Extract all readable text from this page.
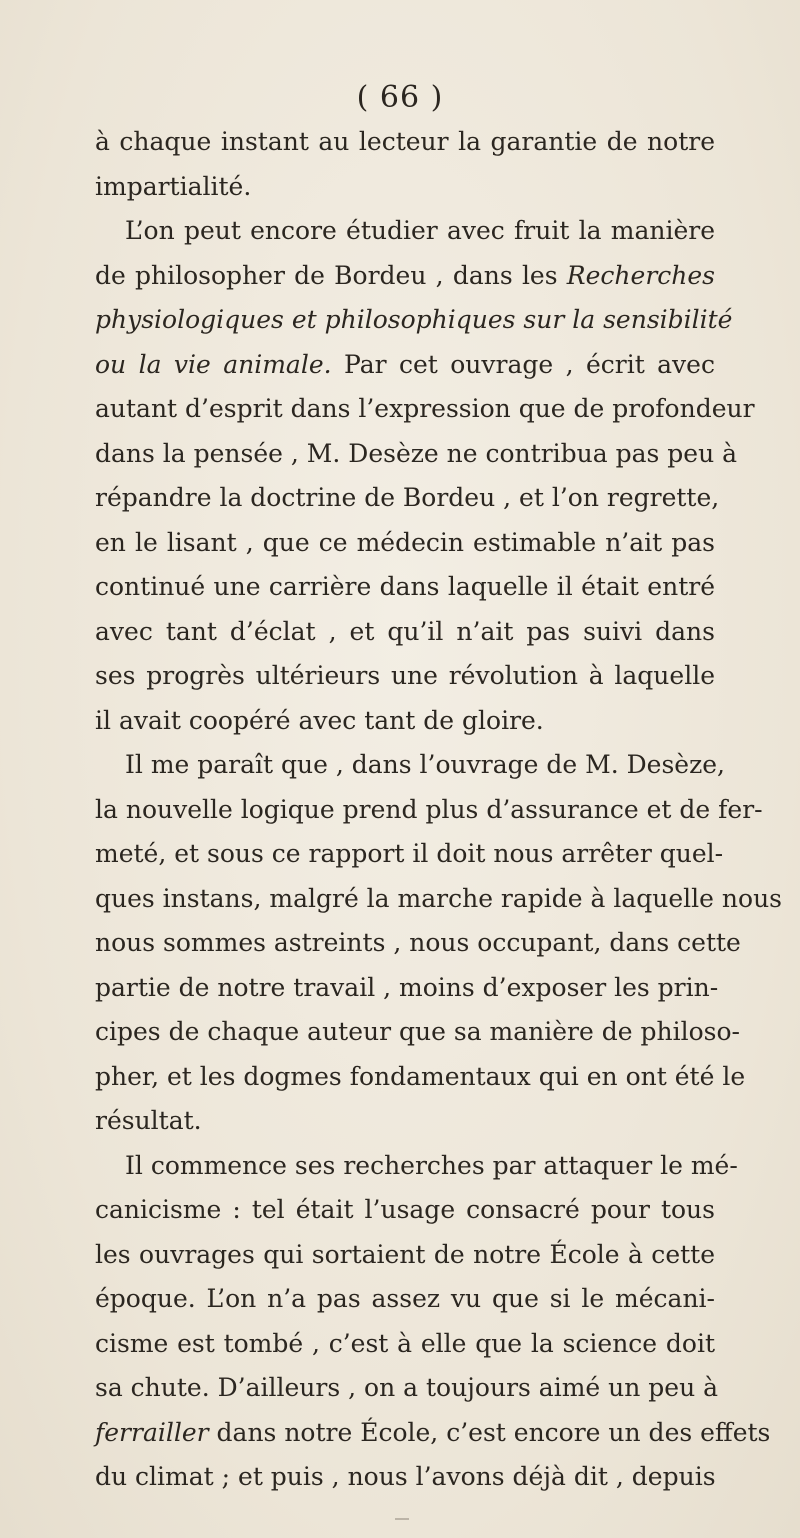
( 66 )
à chaque instant au lecteur la garantie de notre
impartialité.
L’on peut encore étudier avec fruit la manière
de philosopher de Bordeu , dans les Recherches
physiologiques et philosophiques sur la sensibilité
ou la vie animale. Par cet ouvrage , écrit avec
autant d’esprit dans l’expression que de profondeur
dans la pensée , M. Desèze ne contribua pas peu à
répandre la doctrine de Bordeu , et l’on regrette,
en le lisant , que ce médecin estimable n’ait pas
continué une carrière dans laquelle il était entré
avec tant d’éclat , et qu’il n’ait pas suivi dans
ses progrès ultérieurs une révolution à laquelle
il avait coopéré avec tant de gloire.
Il me paraît que , dans l’ouvrage de M. Desèze,
la nouvelle logique prend plus d’assurance et de fer-
meté, et sous ce rapport il doit nous arrêter quel-
ques instans, malgré la marche rapide à laquelle nous
nous sommes astreints , nous occupant, dans cette
partie de notre travail , moins d’exposer les prin-
cipes de chaque auteur que sa manière de philoso-
pher, et les dogmes fondamentaux qui en ont été le
résultat.
Il commence ses recherches par attaquer le mé-
canicisme : tel était l’usage consacré pour tous
les ouvrages qui sortaient de notre École à cette
époque. L’on n’a pas assez vu que si le mécani-
cisme est tombé , c’est à elle que la science doit
sa chute. D’ailleurs , on a toujours aimé un peu à
ferrailler dans notre École, c’est encore un des effets
du climat ; et puis , nous l’avons déjà dit , depuis
